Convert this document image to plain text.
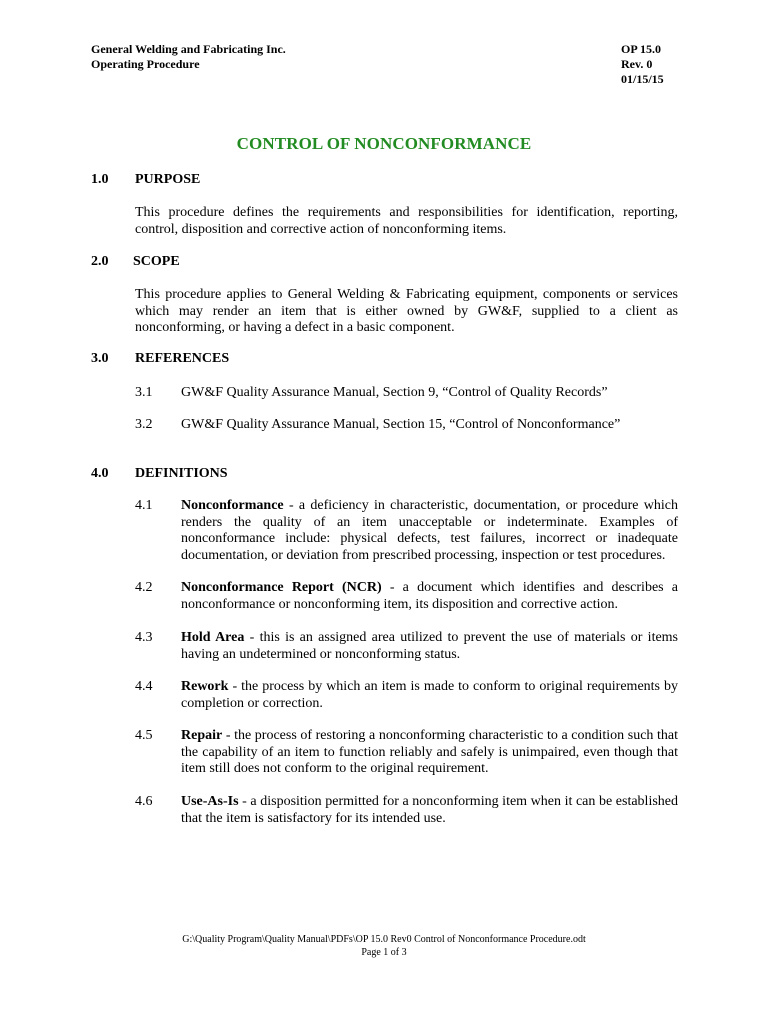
General Welding and Fabricating Inc.
Operating Procedure
OP 15.0
Rev. 0
01/15/15
CONTROL OF NONCONFORMANCE
1.0 PURPOSE
This procedure defines the requirements and responsibilities for identification, reporting, control, disposition and corrective action of nonconforming items.
2.0 SCOPE
This procedure applies to General Welding & Fabricating equipment, components or services which may render an item that is either owned by GW&F, supplied to a client as nonconforming, or having a defect in a basic component.
3.0 REFERENCES
3.1 GW&F Quality Assurance Manual, Section 9, “Control of Quality Records”
3.2 GW&F Quality Assurance Manual, Section 15, “Control of Nonconformance”
4.0 DEFINITIONS
4.1 Nonconformance - a deficiency in characteristic, documentation, or procedure which renders the quality of an item unacceptable or indeterminate. Examples of nonconformance include: physical defects, test failures, incorrect or inadequate documentation, or deviation from prescribed processing, inspection or test procedures.
4.2 Nonconformance Report (NCR) - a document which identifies and describes a nonconformance or nonconforming item, its disposition and corrective action.
4.3 Hold Area - this is an assigned area utilized to prevent the use of materials or items having an undetermined or nonconforming status.
4.4 Rework - the process by which an item is made to conform to original requirements by completion or correction.
4.5 Repair - the process of restoring a nonconforming characteristic to a condition such that the capability of an item to function reliably and safely is unimpaired, even though that item still does not conform to the original requirement.
4.6 Use-As-Is - a disposition permitted for a nonconforming item when it can be established that the item is satisfactory for its intended use.
G:\Quality Program\Quality Manual\PDFs\OP 15.0 Rev0 Control of Nonconformance Procedure.odt
Page 1 of 3
